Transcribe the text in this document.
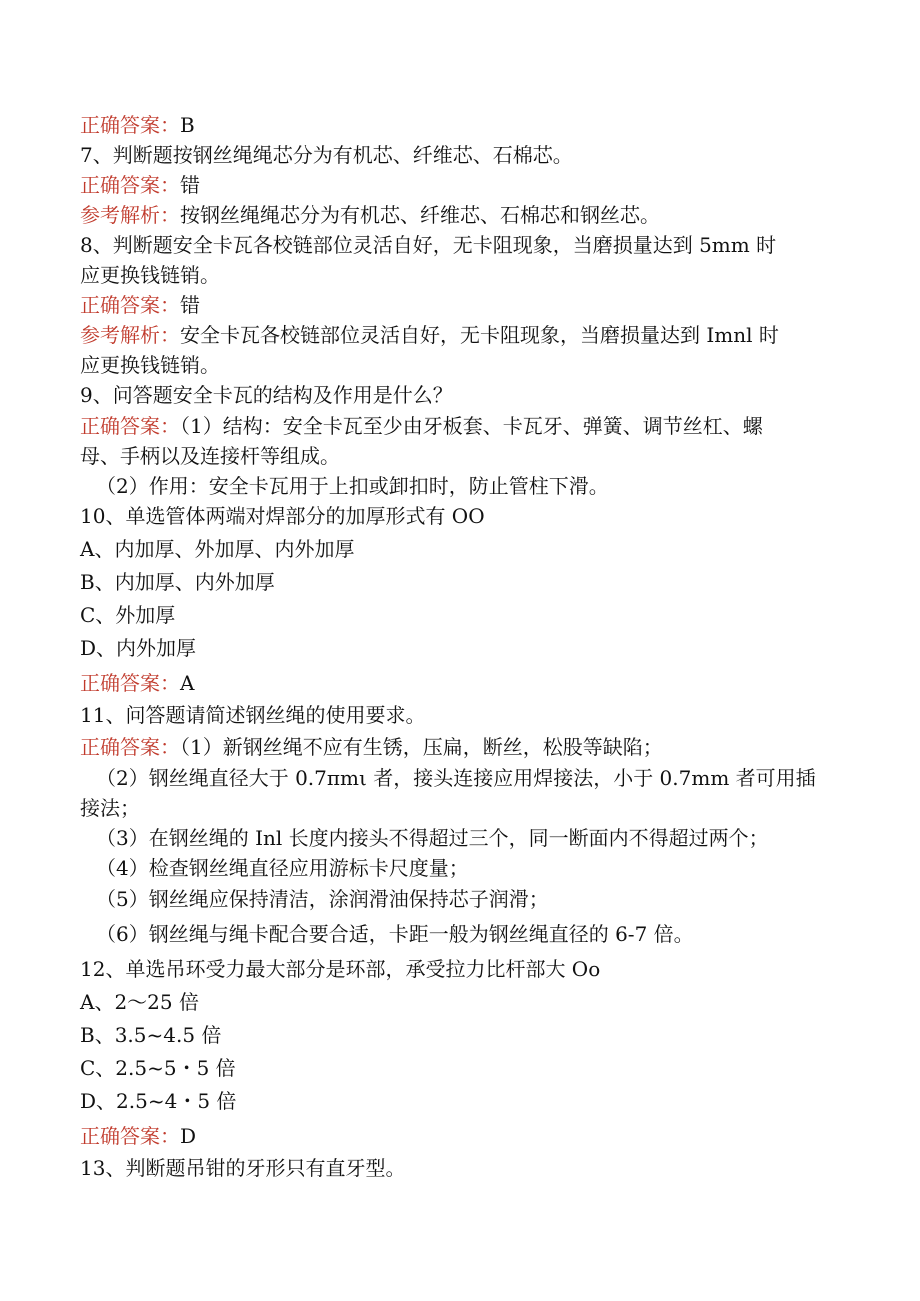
正确答案：B
7、判断题按钢丝绳绳芯分为有机芯、纤维芯、石棉芯。
正确答案：错
参考解析：按钢丝绳绳芯分为有机芯、纤维芯、石棉芯和钢丝芯。
8、判断题安全卡瓦各校链部位灵活自好，无卡阻现象，当磨损量达到 5mm 时
应更换钱链销。
正确答案：错
参考解析：安全卡瓦各校链部位灵活自好，无卡阻现象，当磨损量达到 Imnl 时
应更换钱链销。
9、问答题安全卡瓦的结构及作用是什么？
正确答案：（1）结构：安全卡瓦至少由牙板套、卡瓦牙、弹簧、调节丝杠、螺
母、手柄以及连接杆等组成。
（2）作用：安全卡瓦用于上扣或卸扣时，防止管柱下滑。
10、单选管体两端对焊部分的加厚形式有 OO
A、内加厚、外加厚、内外加厚
B、内加厚、内外加厚
C、外加厚
D、内外加厚
正确答案：A
11、问答题请简述钢丝绳的使用要求。
正确答案：（1）新钢丝绳不应有生锈，压扁，断丝，松股等缺陷；
（2）钢丝绳直径大于 0.7πmι 者，接头连接应用焊接法，小于 0.7mm 者可用插
接法；
（3）在钢丝绳的 Inl 长度内接头不得超过三个，同一断面内不得超过两个；
（4）检查钢丝绳直径应用游标卡尺度量；
（5）钢丝绳应保持清洁，涂润滑油保持芯子润滑；
（6）钢丝绳与绳卡配合要合适，卡距一般为钢丝绳直径的 6-7 倍。
12、单选吊环受力最大部分是环部，承受拉力比杆部大 Oo
A、2～25 倍
B、3.5~4.5 倍
C、2.5~5・5 倍
D、2.5~4・5 倍
正确答案：D
13、判断题吊钳的牙形只有直牙型。
